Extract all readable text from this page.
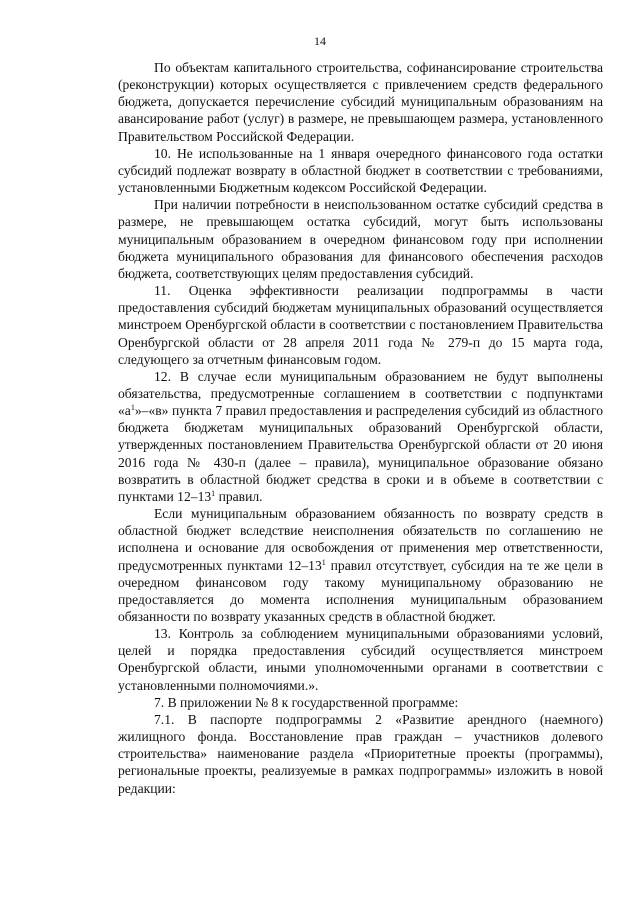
14

По объектам капитального строительства, софинансирование строительства (реконструкции) которых осуществляется с привлечением средств федерального бюджета, допускается перечисление субсидий муниципальным образованиям на авансирование работ (услуг) в размере, не превышающем размера, установленного Правительством Российской Федерации.

10. Не использованные на 1 января очередного финансового года остатки субсидий подлежат возврату в областной бюджет в соответствии с требованиями, установленными Бюджетным кодексом Российской Федерации.

При наличии потребности в неиспользованном остатке субсидий средства в размере, не превышающем остатка субсидий, могут быть использованы муниципальным образованием в очередном финансовом году при исполнении бюджета муниципального образования для финансового обеспечения расходов бюджета, соответствующих целям предоставления субсидий.

11. Оценка эффективности реализации подпрограммы в части предоставления субсидий бюджетам муниципальных образований осуществляется минстроем Оренбургской области в соответствии с постановлением Правительства Оренбургской области от 28 апреля 2011 года № 279-п до 15 марта года, следующего за отчетным финансовым годом.

12. В случае если муниципальным образованием не будут выполнены обязательства, предусмотренные соглашением в соответствии с подпунктами «$а^1»-«в$» пункта 7 правил предоставления и распределения субсидий из областного бюджета бюджетам муниципальных образований Оренбургской области, утвержденных постановлением Правительства Оренбургской области от 20 июня 2016 года № 430-п (далее – правила), муниципальное образование обязано возвратить в областной бюджет средства в сроки и в объеме в соответствии с пунктами $12-13^1$ правил.

Если муниципальным образованием обязанность по возврату средств в областной бюджет вследствие неисполнения обязательств по соглашению не исполнена и основание для освобождения от применения мер ответственности, предусмотренных пунктами $12-13^1$ правил отсутствует, субсидия на те же цели в очередном финансовом году такому муниципальному образованию не предоставляется до момента исполнения муниципальным образованием обязанности по возврату указанных средств в областной бюджет.

13. Контроль за соблюдением муниципальными образованиями условий, целей и порядка предоставления субсидий осуществляется минстроем Оренбургской области, иными уполномоченными органами в соответствии с установленными полномочиями.».

7. В приложении № 8 к государственной программе:

7.1. В паспорте подпрограммы 2 «Развитие арендного (наемного) жилищного фонда. Восстановление прав граждан – участников долевого строительства» наименование раздела «Приоритетные проекты (программы), региональные проекты, реализуемые в рамках подпрограммы» изложить в новой редакции:
